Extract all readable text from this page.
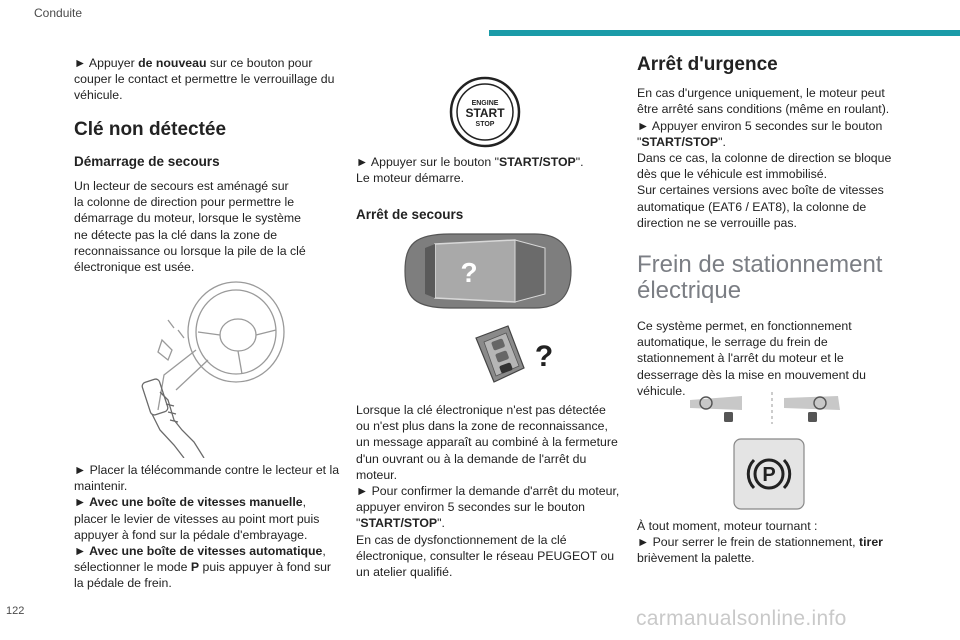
Conduite

► Appuyer de nouveau sur ce bouton pour couper le contact et permettre le verrouillage du véhicule.

Clé non détectée

Démarrage de secours

Un lecteur de secours est aménagé sur
la colonne de direction pour permettre le
démarrage du moteur, lorsque le système
ne détecte pas la clé dans la zone de
reconnaissance ou lorsque la pile de la clé
électronique est usée.

► Placer la télécommande contre le lecteur et la maintenir.

► Avec une boîte de vitesses manuelle, placer le levier de vitesses au point mort puis appuyer à fond sur la pédale d'embrayage.

► Avec une boîte de vitesses automatique, sélectionner le mode P puis appuyer à fond sur la pédale de frein.

ENGINE
START
STOP

► Appuyer sur le bouton "START/STOP".

Le moteur démarre.

Arrêt de secours

?
?
Lorsque la clé électronique n'est pas détectée
ou n'est plus dans la zone de reconnaissance,
un message apparaît au combiné à la fermeture
d'un ouvrant ou à la demande de l'arrêt du
moteur.

► Pour confirmer la demande d'arrêt du moteur, appuyer environ 5 secondes sur le bouton
"START/STOP".

En cas de dysfonctionnement de la clé électronique, consulter le réseau PEUGEOT ou un atelier qualifié.

Arrêt d'urgence

En cas d'urgence uniquement, le moteur peut être arrêté sans conditions (même en roulant).

► Appuyer environ 5 secondes sur le bouton

"START/STOP".

Dans ce cas, la colonne de direction se bloque dès que le véhicule est immobilisé.

Sur certaines versions avec boîte de vitesses automatique (EAT6 / EAT8), la colonne de direction ne se verrouille pas.

Frein de stationnement
électrique

Ce système permet, en fonctionnement automatique, le serrage du frein de stationnement à l'arrêt du moteur et le desserrage dès la mise en mouvement du véhicule.

P

À tout moment, moteur tournant :

► Pour serrer le frein de stationnement, tirer brièvement la palette.

122	carmanualsonline.info
